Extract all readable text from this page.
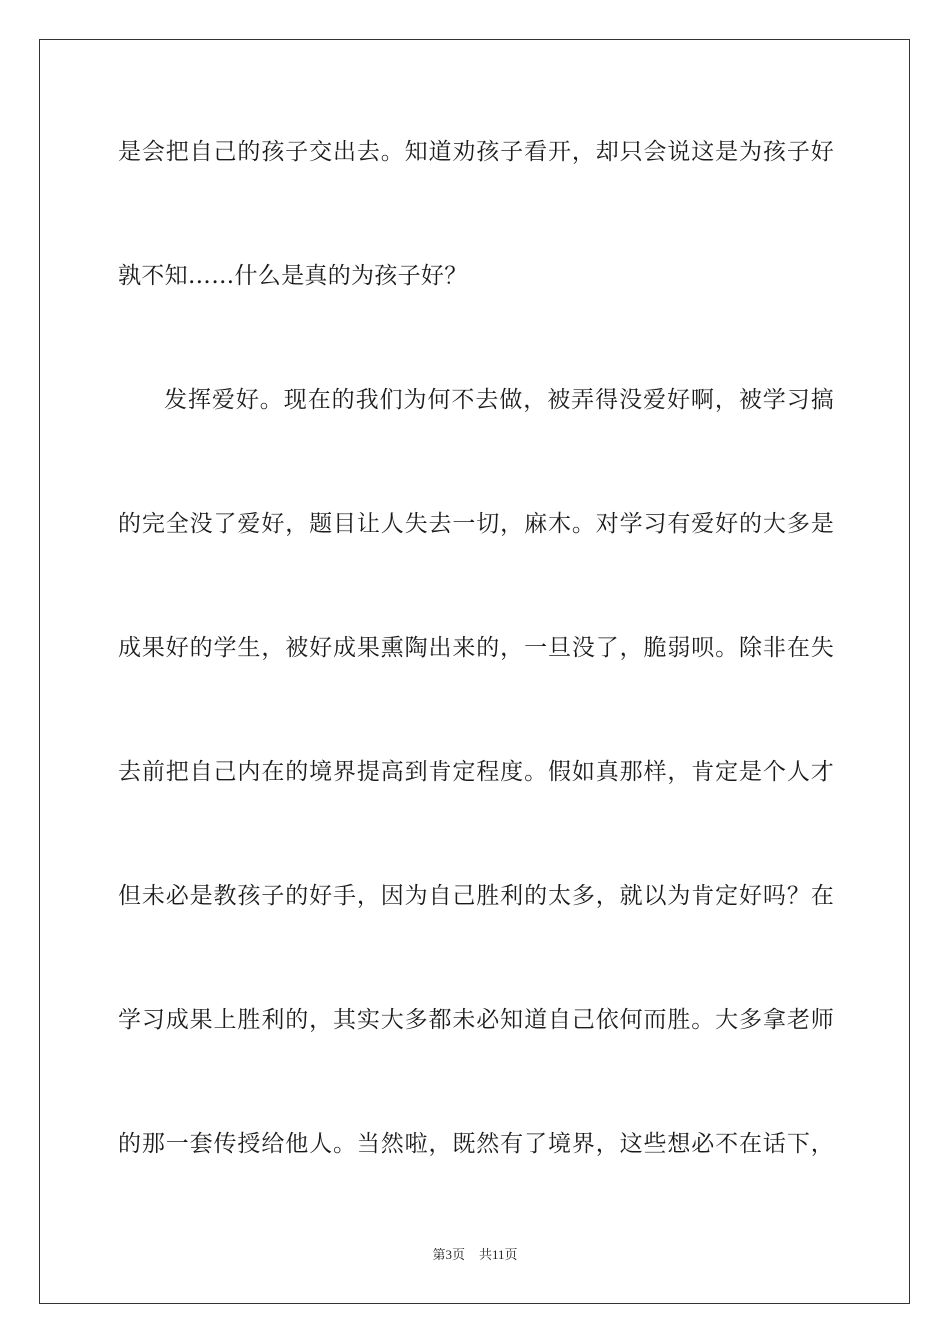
是会把自己的孩子交出去。知道劝孩子看开，却只会说这是为孩子好
孰不知……什么是真的为孩子好？
发挥爱好。现在的我们为何不去做，被弄得没爱好啊，被学习搞
的完全没了爱好，题目让人失去一切，麻木。对学习有爱好的大多是
成果好的学生，被好成果熏陶出来的，一旦没了，脆弱呗。除非在失
去前把自己内在的境界提高到肯定程度。假如真那样，肯定是个人才
但未必是教孩子的好手，因为自己胜利的太多，就以为肯定好吗？在
学习成果上胜利的，其实大多都未必知道自己依何而胜。大多拿老师
的那一套传授给他人。当然啦，既然有了境界，这些想必不在话下，
第3页 共11页
